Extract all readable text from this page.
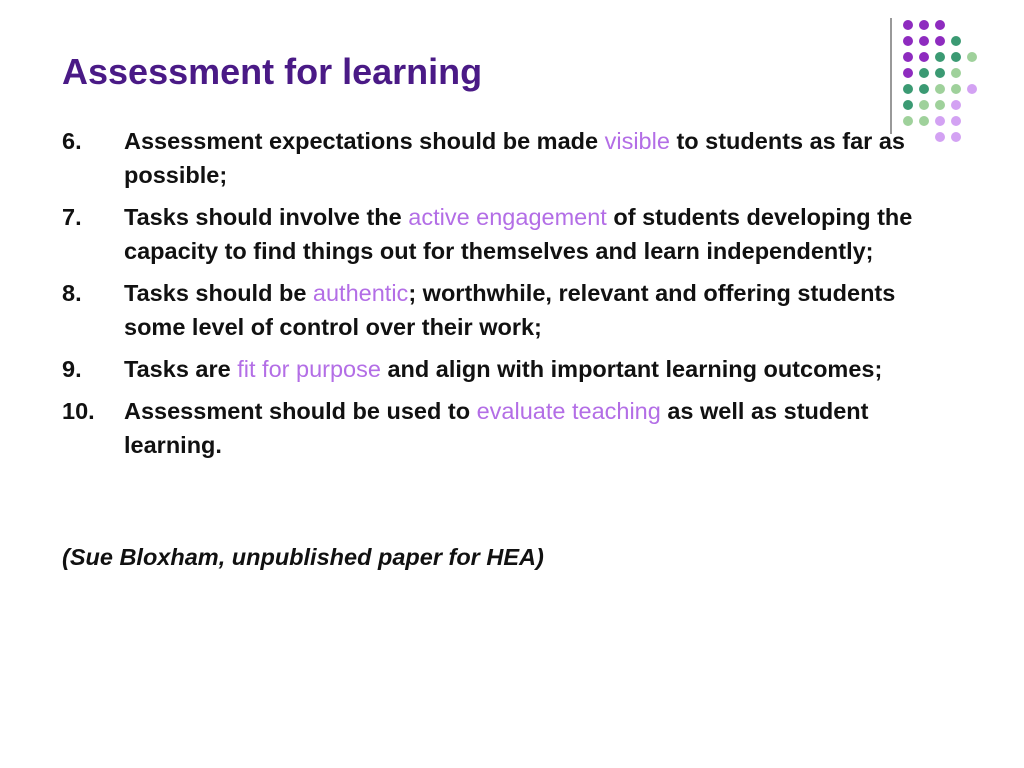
Assessment for learning
6. Assessment expectations should be made visible to students as far as possible;
7. Tasks should involve the active engagement of students developing the capacity to find things out for themselves and learn independently;
8. Tasks should be authentic; worthwhile, relevant and offering students some level of control over their work;
9. Tasks are fit for purpose and align with important learning outcomes;
10. Assessment should be used to evaluate teaching as well as student learning.
(Sue Bloxham, unpublished paper for HEA)
